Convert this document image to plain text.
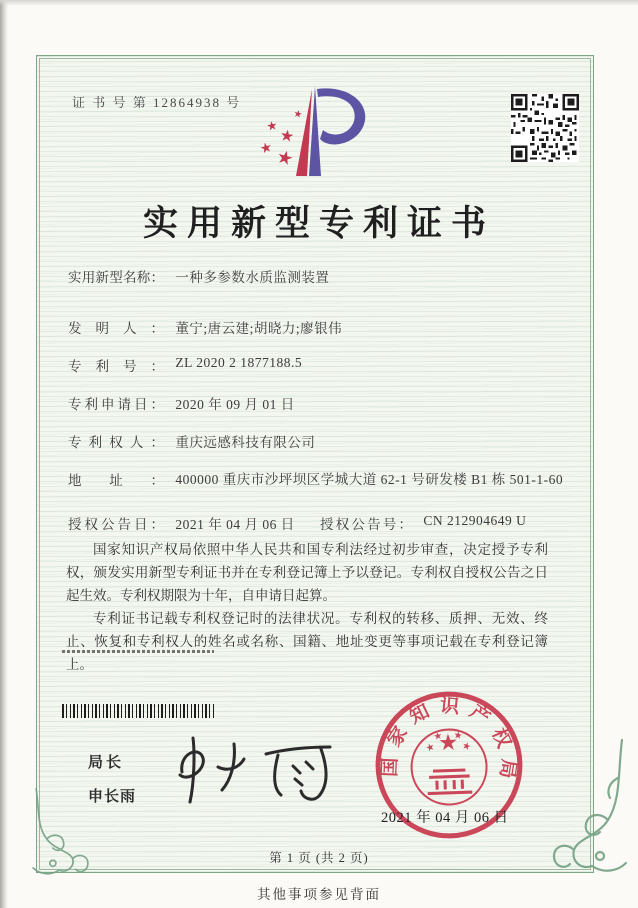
证 书 号 第 12864938 号
实用新型专利证书
实用新型名称： 一种多参数水质监测装置
发明人： 董宁;唐云建;胡晓力;廖银伟
专利号： ZL 2020 2 1877188.5
专利申请日： 2020 年 09 月 01 日
专利权人： 重庆远感科技有限公司
地址： 400000 重庆市沙坪坝区学城大道 62-1 号研发楼 B1 栋 501-1-60
授权公告日： 2021 年 04 月 06 日 授权公告号： CN 212904649 U

国家知识产权局依照中华人民共和国专利法经过初步审查，决定授予专利权，颁发实用新型专利证书并在专利登记簿上予以登记。专利权自授权公告之日起生效。专利权期限为十年，自申请日起算。

专利证书记载专利权登记时的法律状况。专利权的转移、质押、无效、终止、恢复和专利权人的姓名或名称、国籍、地址变更等事项记载在专利登记簿上。

局长
申长雨
国家知识产权局
2021 年 04 月 06 日
第 1 页 (共 2 页)
其他事项参见背面
